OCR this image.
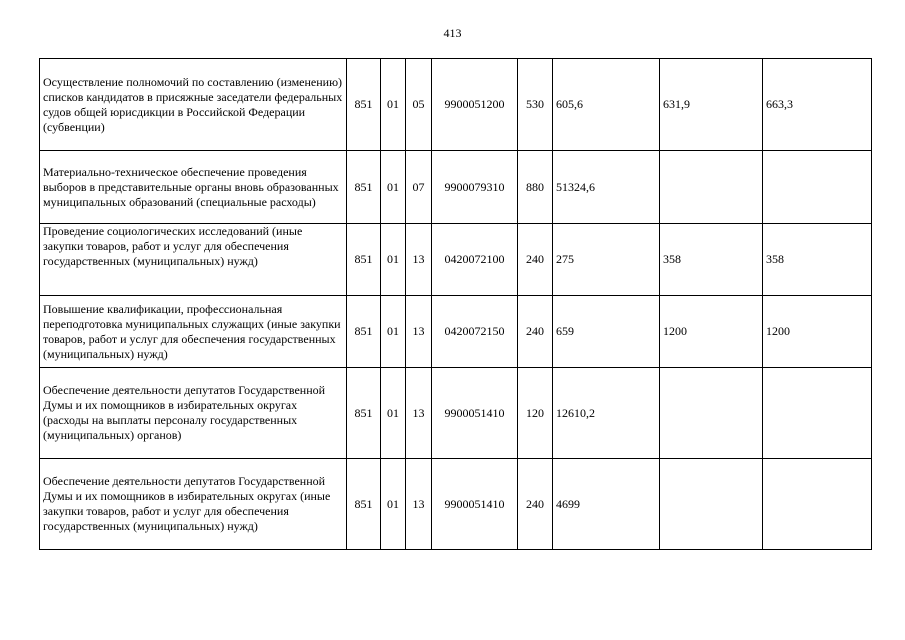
413
Осуществление полномочий по составлению (изменению) списков кандидатов в присяжные заседатели федеральных судов общей юрисдикции в Российской Федерации (субвенции)	851	01	05	9900051200	530	605,6	631,9	663,3
Материально-техническое обеспечение проведения выборов в представительные органы вновь образованных муниципальных образований (специальные расходы)	851	01	07	9900079310	880	51324,6		
Проведение социологических исследований (иные закупки товаров, работ и услуг для обеспечения государственных (муниципальных) нужд)	851	01	13	0420072100	240	275	358	358
Повышение квалификации, профессиональная переподготовка муниципальных служащих (иные закупки товаров, работ и услуг для обеспечения государственных (муниципальных) нужд)	851	01	13	0420072150	240	659	1200	1200
Обеспечение деятельности депутатов Государственной Думы и их помощников в избирательных округах (расходы на выплаты персоналу государственных (муниципальных) органов)	851	01	13	9900051410	120	12610,2		
Обеспечение деятельности депутатов Государственной Думы и их помощников в избирательных округах (иные закупки товаров, работ и услуг для обеспечения государственных (муниципальных) нужд)	851	01	13	9900051410	240	4699		
